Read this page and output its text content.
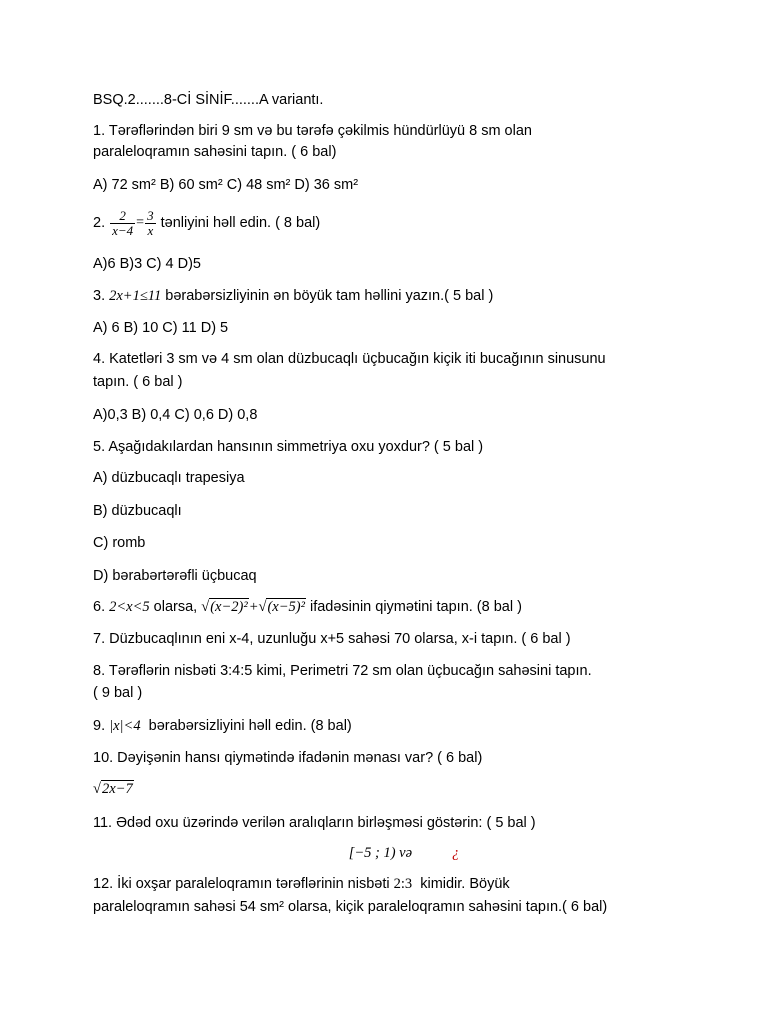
BSQ.2.......8-Cİ SİNİF.......A variantı.
1. Tərəflərindən biri 9 sm və bu tərəfə çəkilmis hündürlüyü 8 sm olan
paraleloqramın sahəsini tapın. ( 6 bal)
A) 72 sm² B) 60 sm² C) 48 sm² D) 36 sm²
2. $\frac{2}{x-4} = \frac{3}{x}$ tənliyini həll edin. ( 8 bal)
A)6 B)3 C) 4 D)5
3. 2x+1≤11 bərabərsizliyinin ən böyük tam həllini yazın.( 5 bal )
A) 6 B) 10 C) 11 D) 5
4. Katetləri 3 sm və 4 sm olan düzbucaqlı üçbucağın kiçik iti bucağının sinusunu
tapın. ( 6 bal )
A)0,3 B) 0,4 C) 0,6 D) 0,8
5. Aşağıdakılardan hansının simmetriya oxu yoxdur? ( 5 bal )
A) düzbucaqlı trapesiya
B) düzbucaqlı
C) romb
D) bərabərtərəfli üçbucaq
6. 2<x<5 olarsa, √(x−2)²+√(x−5)² ifadəsinin qiymətini tapın. (8 bal )
7. Düzbucaqlının eni x-4, uzunluğu x+5 sahəsi 70 olarsa, x-i tapın. ( 6 bal )
8. Tərəflərin nisbəti 3:4:5 kimi, Perimetri 72 sm olan üçbucağın sahəsini tapın.
( 9 bal )
9. |x|<4 bərabərsizliyini həll edin. (8 bal)
10. Dəyişənin hansı qiymətində ifadənin mənası var? ( 6 bal)
√2x−7
11. Ədəd oxu üzərində verilən aralıqların birləşməsi göstərin: ( 5 bal )
[−5 ; 1) və	¿
12. İki oxşar paraleloqramın tərəflərinin nisbəti 2:3 kimidir. Böyük
paraleloqramın sahəsi 54 sm² olarsa, kiçik paraleloqramın sahəsini tapın.( 6 bal)
